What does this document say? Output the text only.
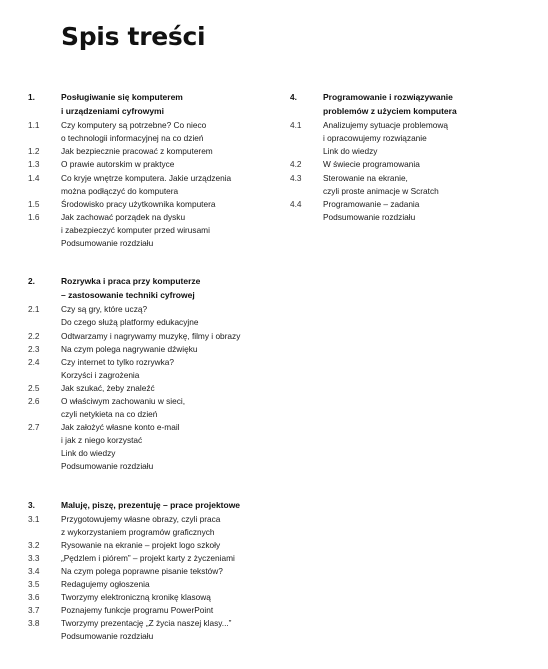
Spis treści
1.	Posługiwanie się komputerem
i urządzeniami cyfrowymi
1.1	Czy komputery są potrzebne? Co nieco
o technologii informacyjnej na co dzień
1.2	Jak bezpiecznie pracować z komputerem
1.3	O prawie autorskim w praktyce
1.4	Co kryje wnętrze komputera. Jakie urządzenia
można podłączyć do komputera
1.5	Środowisko pracy użytkownika komputera
1.6	Jak zachować porządek na dysku
i zabezpieczyć komputer przed wirusami
Podsumowanie rozdziału
2.	Rozrywka i praca przy komputerze
– zastosowanie techniki cyfrowej
2.1	Czy są gry, które uczą?
Do czego służą platformy edukacyjne
2.2	Odtwarzamy i nagrywamy muzykę, filmy i obrazy
2.3	Na czym polega nagrywanie dźwięku
2.4	Czy internet to tylko rozrywka?
Korzyści i zagrożenia
2.5	Jak szukać, żeby znaleźć
2.6	O właściwym zachowaniu w sieci,
czyli netykieta na co dzień
2.7	Jak założyć własne konto e-mail
i jak z niego korzystać
Link do wiedzy
Podsumowanie rozdziału
3.	Maluję, piszę, prezentuję – prace projektowe
3.1	Przygotowujemy własne obrazy, czyli praca
z wykorzystaniem programów graficznych
3.2	Rysowanie na ekranie – projekt logo szkoły
3.3	„Pędzlem i piórem” – projekt karty z życzeniami
3.4	Na czym polega poprawne pisanie tekstów?
3.5	Redagujemy ogłoszenia
3.6	Tworzymy elektroniczną kronikę klasową
3.7	Poznajemy funkcje programu PowerPoint
3.8	Tworzymy prezentację „Z życia naszej klasy...”
Podsumowanie rozdziału
4.	Programowanie i rozwiązywanie
problemów z użyciem komputera
4.1	Analizujemy sytuacje problemową
i opracowujemy rozwiązanie
Link do wiedzy
4.2	W świecie programowania
4.3	Sterowanie na ekranie,
czyli proste animacje w Scratch
4.4	Programowanie – zadania
Podsumowanie rozdziału
